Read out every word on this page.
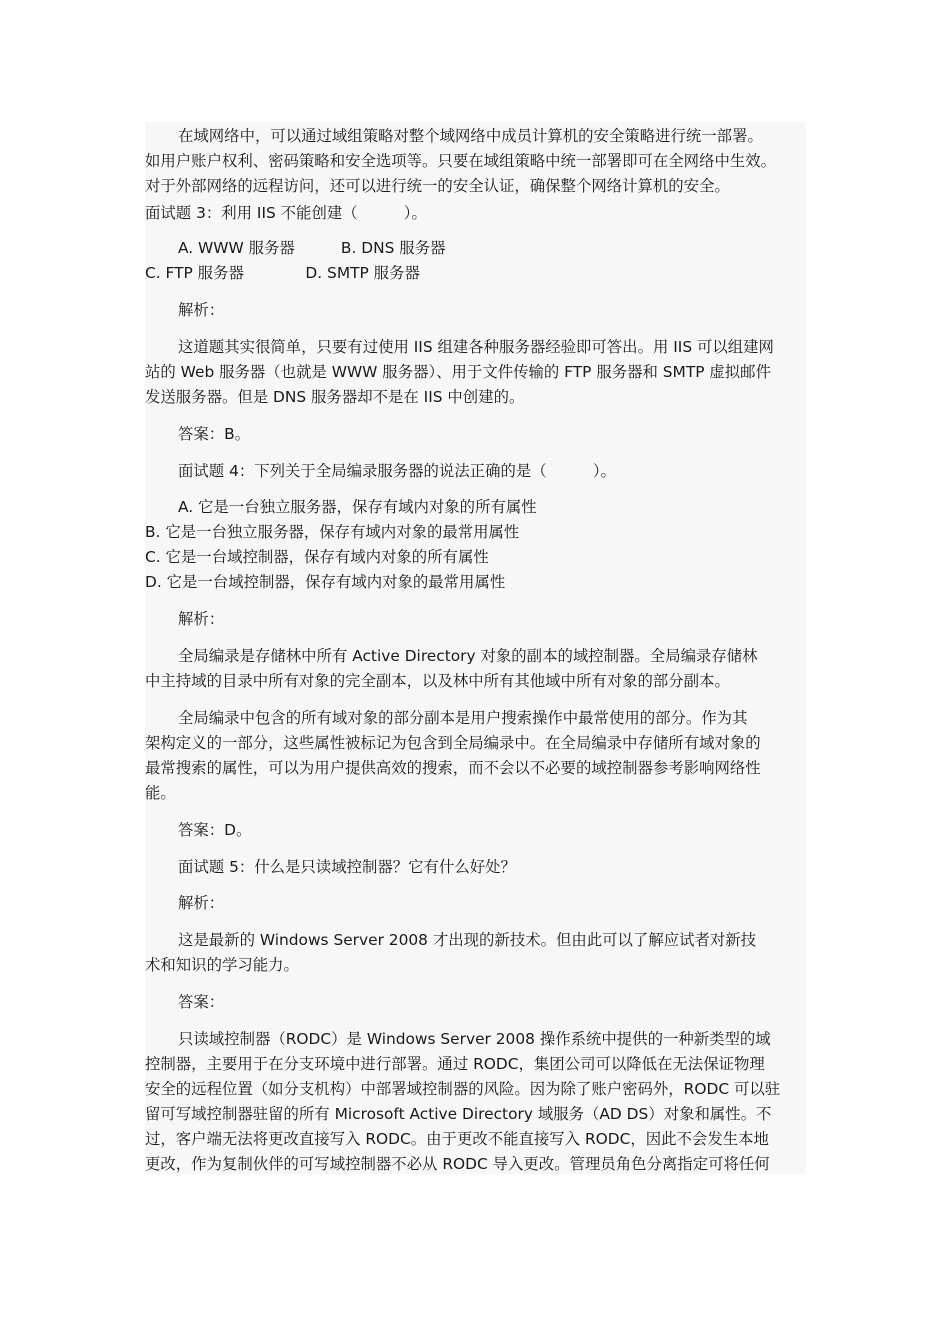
在域网络中，可以通过域组策略对整个域网络中成员计算机的安全策略进行统一部署。
如用户账户权利、密码策略和安全选项等。只要在域组策略中统一部署即可在全网络中生效。
对于外部网络的远程访问，还可以进行统一的安全认证，确保整个网络计算机的安全。
面试题 3：利用 IIS 不能创建（　　　）。
A. WWW 服务器　　　B. DNS 服务器
C. FTP 服务器　　　　D. SMTP 服务器
解析：
这道题其实很简单，只要有过使用 IIS 组建各种服务器经验即可答出。用 IIS 可以组建网
站的 Web 服务器（也就是 WWW 服务器）、用于文件传输的 FTP 服务器和 SMTP 虚拟邮件
发送服务器。但是 DNS 服务器却不是在 IIS 中创建的。
答案：B。
面试题 4：下列关于全局编录服务器的说法正确的是（　　　）。
A. 它是一台独立服务器，保存有域内对象的所有属性
B. 它是一台独立服务器，保存有域内对象的最常用属性
C. 它是一台域控制器，保存有域内对象的所有属性
D. 它是一台域控制器，保存有域内对象的最常用属性
解析：
全局编录是存储林中所有 Active Directory 对象的副本的域控制器。全局编录存储林
中主持域的目录中所有对象的完全副本，以及林中所有其他域中所有对象的部分副本。
全局编录中包含的所有域对象的部分副本是用户搜索操作中最常使用的部分。作为其
架构定义的一部分，这些属性被标记为包含到全局编录中。在全局编录中存储所有域对象的
最常搜索的属性，可以为用户提供高效的搜索，而不会以不必要的域控制器参考影响网络性
能。
答案：D。
面试题 5：什么是只读域控制器？它有什么好处？
解析：
这是最新的 Windows Server 2008 才出现的新技术。但由此可以了解应试者对新技
术和知识的学习能力。
答案：
只读域控制器（RODC）是 Windows Server 2008 操作系统中提供的一种新类型的域
控制器，主要用于在分支环境中进行部署。通过 RODC，集团公司可以降低在无法保证物理
安全的远程位置（如分支机构）中部署域控制器的风险。因为除了账户密码外，RODC 可以驻
留可写域控制器驻留的所有 Microsoft Active Directory 域服务（AD DS）对象和属性。不
过，客户端无法将更改直接写入 RODC。由于更改不能直接写入 RODC，因此不会发生本地
更改，作为复制伙伴的可写域控制器不必从 RODC 导入更改。管理员角色分离指定可将任何
